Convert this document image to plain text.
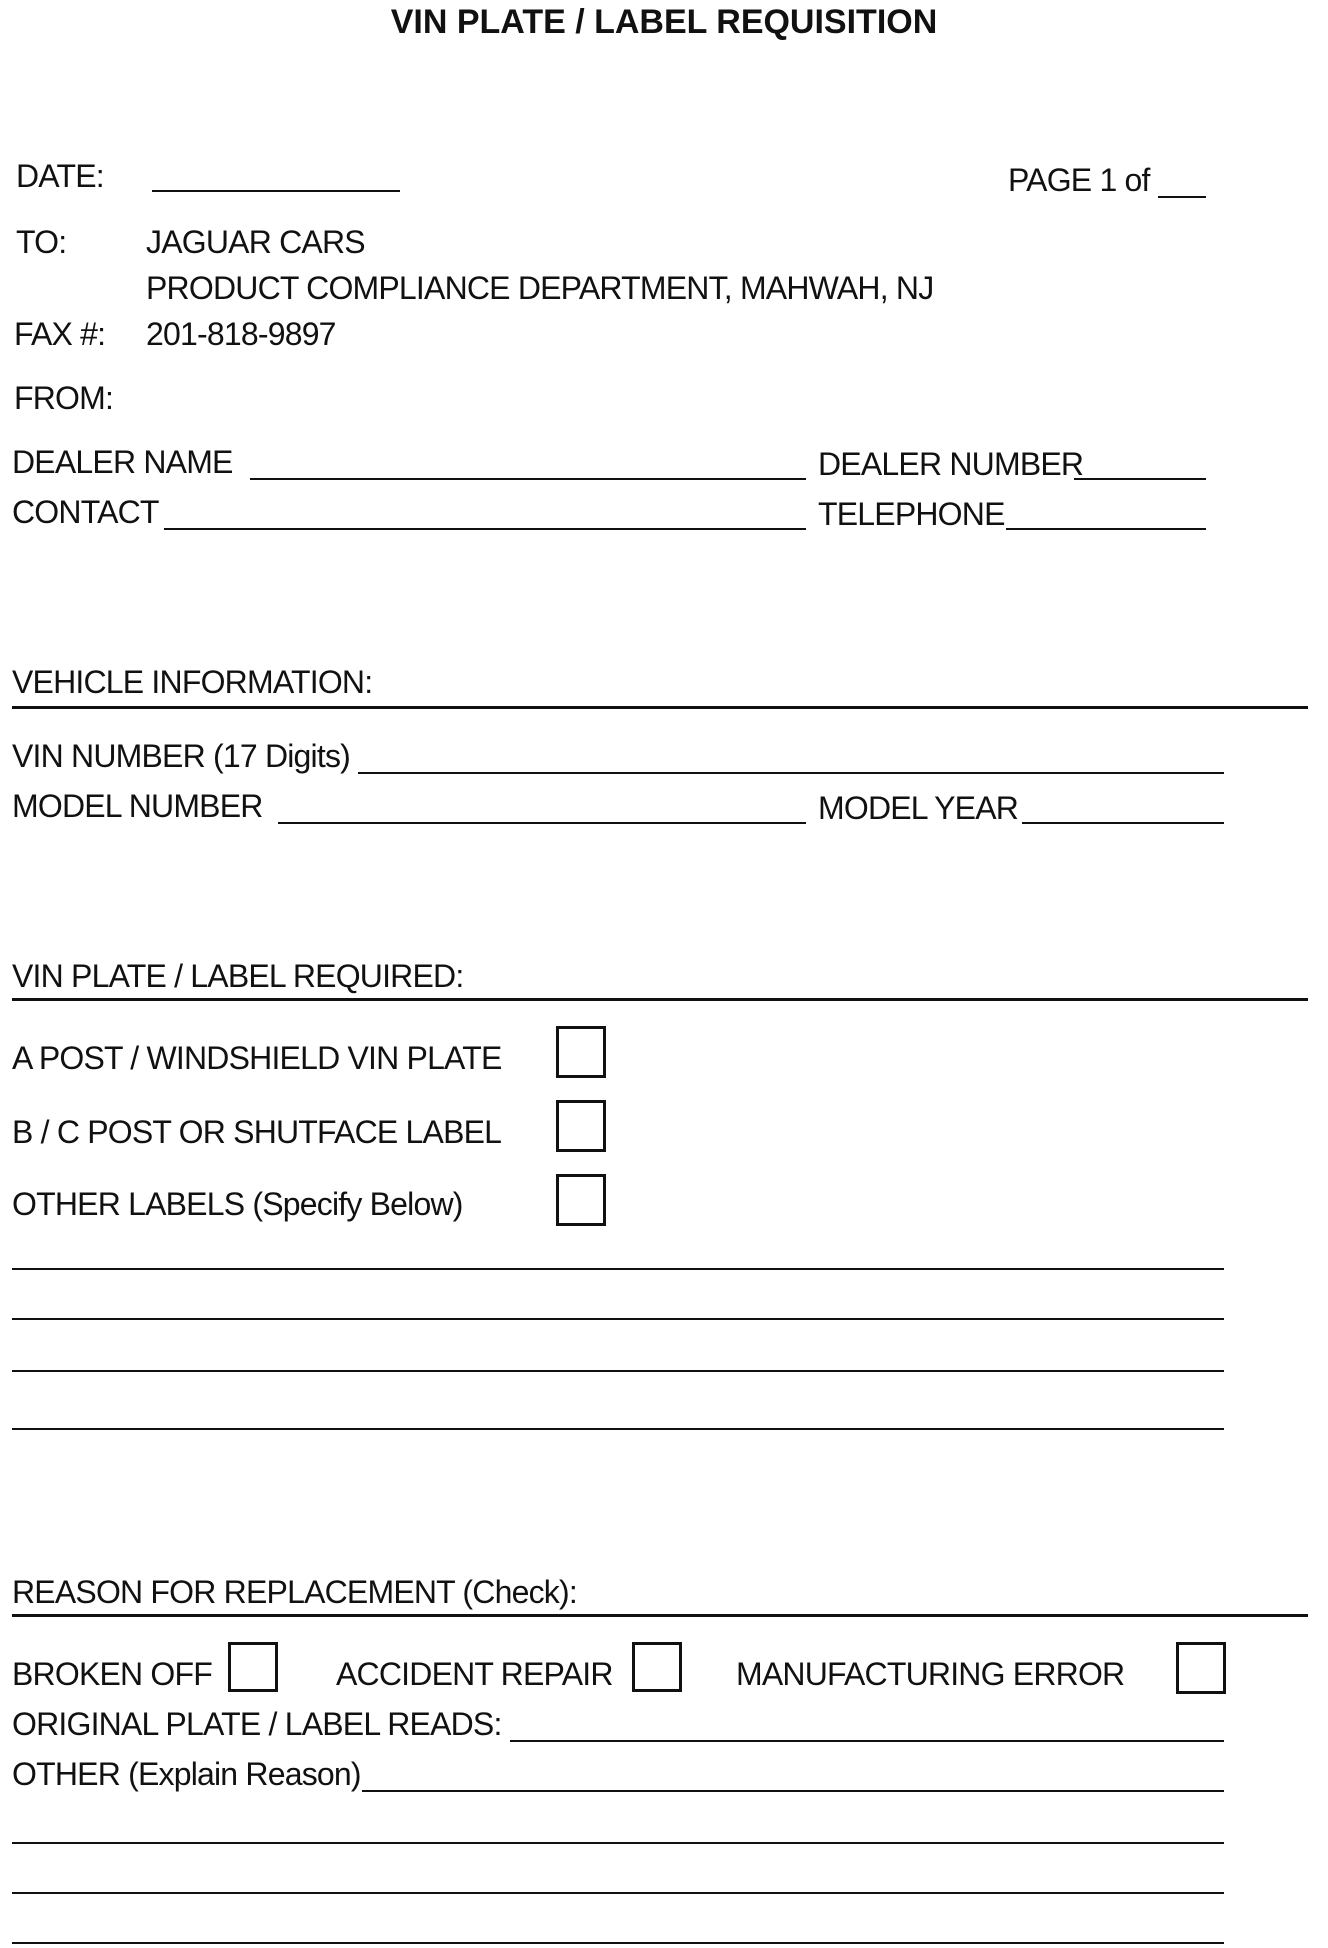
VIN PLATE / LABEL REQUISITION
DATE:	PAGE 1 of
TO: JAGUAR CARS
PRODUCT COMPLIANCE DEPARTMENT, MAHWAH, NJ
FAX #: 201-818-9897
FROM:
DEALER NAME	DEALER NUMBER
CONTACT	TELEPHONE
VEHICLE INFORMATION:
VIN NUMBER (17 Digits)
MODEL NUMBER	MODEL YEAR
VIN PLATE / LABEL REQUIRED:
A POST / WINDSHIELD VIN PLATE
B / C POST OR SHUTFACE LABEL
OTHER LABELS (Specify Below)
REASON FOR REPLACEMENT (Check):
BROKEN OFF	ACCIDENT REPAIR	MANUFACTURING ERROR
ORIGINAL PLATE / LABEL READS:
OTHER (Explain Reason)
